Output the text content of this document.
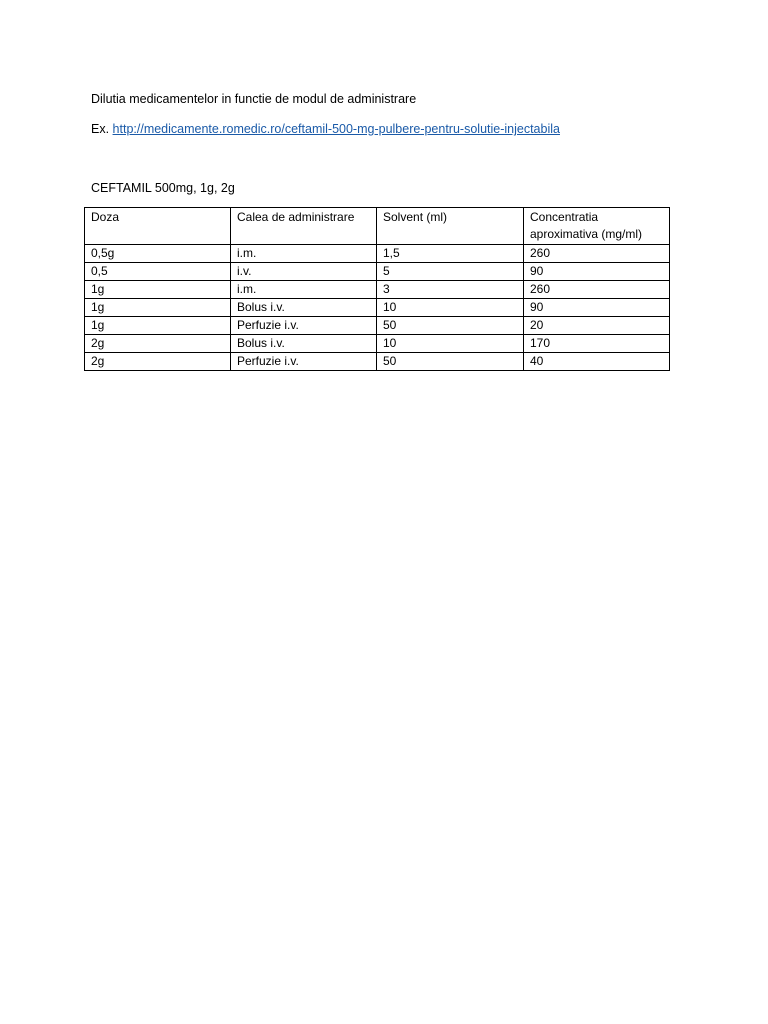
Dilutia medicamentelor in functie de modul de administrare
Ex. http://medicamente.romedic.ro/ceftamil-500-mg-pulbere-pentru-solutie-injectabila
CEFTAMIL 500mg, 1g, 2g
Doza	Calea de administrare	Solvent (ml)	Concentratia aproximativa (mg/ml)
0,5g	i.m.	1,5	260
0,5	i.v.	5	90
1g	i.m.	3	260
1g	Bolus i.v.	10	90
1g	Perfuzie i.v.	50	20
2g	Bolus i.v.	10	170
2g	Perfuzie i.v.	50	40
